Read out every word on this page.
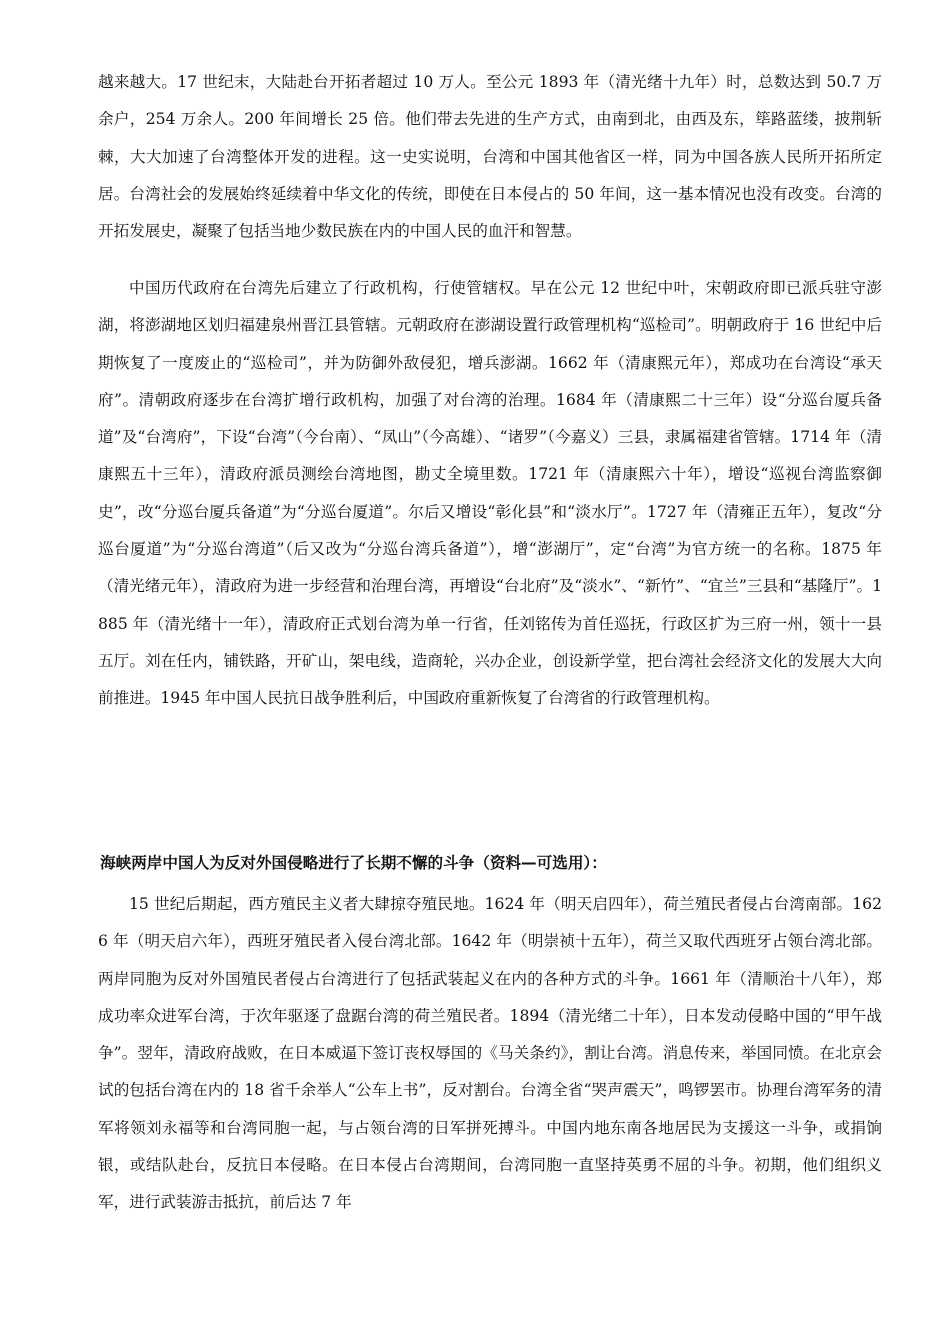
越来越大。17 世纪末，大陆赴台开拓者超过 10 万人。至公元 1893 年（清光绪十九年）时，总数达到 50.7 万余户，254 万余人。200 年间增长 25 倍。他们带去先进的生产方式，由南到北，由西及东，筚路蓝缕，披荆斩棘，大大加速了台湾整体开发的进程。这一史实说明，台湾和中国其他省区一样，同为中国各族人民所开拓所定居。台湾社会的发展始终延续着中华文化的传统，即使在日本侵占的 50 年间，这一基本情况也没有改变。台湾的开拓发展史，凝聚了包括当地少数民族在内的中国人民的血汗和智慧。

中国历代政府在台湾先后建立了行政机构，行使管辖权。早在公元 12 世纪中叶，宋朝政府即已派兵驻守澎湖，将澎湖地区划归福建泉州晋江县管辖。元朝政府在澎湖设置行政管理机构“巡检司”。明朝政府于 16 世纪中后期恢复了一度废止的“巡检司”，并为防御外敌侵犯，增兵澎湖。1662 年（清康熙元年），郑成功在台湾设“承天府”。清朝政府逐步在台湾扩增行政机构，加强了对台湾的治理。1684 年（清康熙二十三年）设“分巡台厦兵备道”及“台湾府”，下设“台湾”（今台南）、“凤山”（今高雄）、“诸罗”（今嘉义）三县，隶属福建省管辖。1714 年（清康熙五十三年），清政府派员测绘台湾地图，勘丈全境里数。1721 年（清康熙六十年），增设“巡视台湾监察御史”，改“分巡台厦兵备道”为“分巡台厦道”。尔后又增设“彰化县”和“淡水厅”。1727 年（清雍正五年），复改“分巡台厦道”为“分巡台湾道”（后又改为“分巡台湾兵备道”），增“澎湖厅”，定“台湾”为官方统一的名称。1875 年（清光绪元年），清政府为进一步经营和治理台湾，再增设“台北府”及“淡水”、“新竹”、“宜兰”三县和“基隆厅”。1885 年（清光绪十一年），清政府正式划台湾为单一行省，任刘铭传为首任巡抚，行政区扩为三府一州，领十一县五厅。刘在任内，铺铁路，开矿山，架电线，造商轮，兴办企业，创设新学堂，把台湾社会经济文化的发展大大向前推进。1945 年中国人民抗日战争胜利后，中国政府重新恢复了台湾省的行政管理机构。

海峡两岸中国人为反对外国侵略进行了长期不懈的斗争（资料—可选用）：

15 世纪后期起，西方殖民主义者大肆掠夺殖民地。1624 年（明天启四年），荷兰殖民者侵占台湾南部。1626 年（明天启六年），西班牙殖民者入侵台湾北部。1642 年（明崇祯十五年），荷兰又取代西班牙占领台湾北部。两岸同胞为反对外国殖民者侵占台湾进行了包括武装起义在内的各种方式的斗争。1661 年（清顺治十八年），郑成功率众进军台湾，于次年驱逐了盘踞台湾的荷兰殖民者。1894（清光绪二十年），日本发动侵略中国的“甲午战争”。翌年，清政府战败，在日本威逼下签订丧权辱国的《马关条约》，割让台湾。消息传来，举国同愤。在北京会试的包括台湾在内的 18 省千余举人“公车上书”，反对割台。台湾全省“哭声震天”，鸣锣罢市。协理台湾军务的清军将领刘永福等和台湾同胞一起，与占领台湾的日军拼死搏斗。中国内地东南各地居民为支援这一斗争，或捐饷银，或结队赴台，反抗日本侵略。在日本侵占台湾期间，台湾同胞一直坚持英勇不屈的斗争。初期，他们组织义军，进行武装游击抵抗，前后达 7 年
